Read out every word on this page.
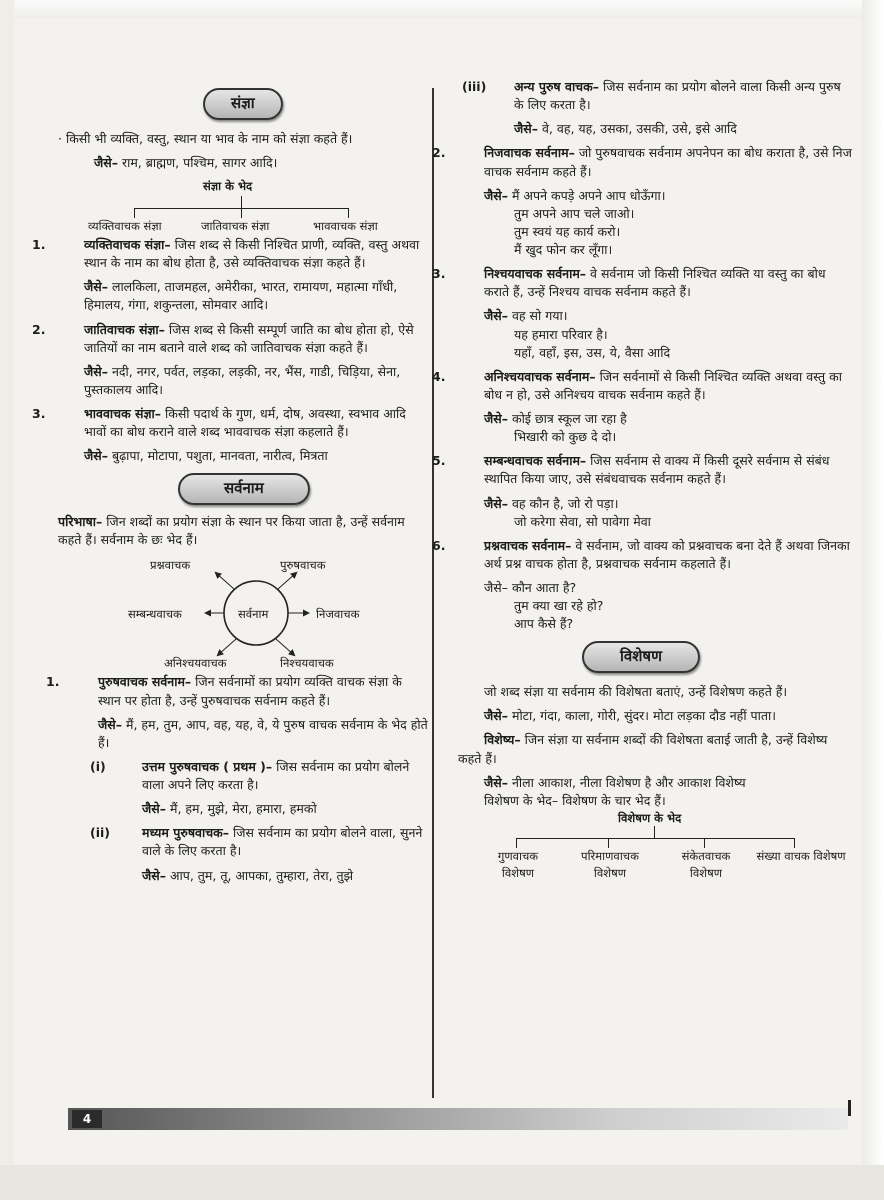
संज्ञा

· किसी भी व्यक्ति, वस्तु, स्थान या भाव के नाम को संज्ञा कहते हैं।

जैसे– राम, ब्राह्मण, पश्चिम, सागर आदि।

संज्ञा के भेद
व्यक्तिवाचक संज्ञा	जातिवाचक संज्ञा	भाववाचक संज्ञा

1.	व्यक्तिवाचक संज्ञा– जिस शब्द से किसी निश्चित प्राणी, व्यक्ति, वस्तु अथवा स्थान के नाम का बोध होता है, उसे व्यक्तिवाचक संज्ञा कहते हैं।

जैसे– लालकिला, ताजमहल, अमेरीका, भारत, रामायण, महात्मा गाँधी, हिमालय, गंगा, शकुन्तला, सोमवार आदि।

2.	जातिवाचक संज्ञा– जिस शब्द से किसी सम्पूर्ण जाति का बोध होता हो, ऐसे जातियों का नाम बताने वाले शब्द को जातिवाचक संज्ञा कहते हैं।

जैसे– नदी, नगर, पर्वत, लड़का, लड़की, नर, भैंस, गाडी, चिड़िया, सेना, पुस्तकालय आदि।

3.	भाववाचक संज्ञा– किसी पदार्थ के गुण, धर्म, दोष, अवस्था, स्वभाव आदि भावों का बोध कराने वाले शब्द भाववाचक संज्ञा कहलाते हैं।

जैसे– बुढ़ापा, मोटापा, पशुता, मानवता, नारीत्व, मित्रता

सर्वनाम

परिभाषा– जिन शब्दों का प्रयोग संज्ञा के स्थान पर किया जाता है, उन्हें सर्वनाम कहते हैं। सर्वनाम के छः भेद हैं।

सर्वनाम
प्रश्नवाचक	पुरुषवाचक
सम्बन्धवाचक	निजवाचक
अनिश्चयवाचक	निश्चयवाचक

1.	पुरुषवाचक सर्वनाम– जिन सर्वनामों का प्रयोग व्यक्ति वाचक संज्ञा के स्थान पर होता है, उन्हें पुरुषवाचक सर्वनाम कहते हैं।

जैसे– मैं, हम, तुम, आप, वह, यह, वे, ये पुरुष वाचक सर्वनाम के भेद होते हैं।

(i)	उत्तम पुरुषवाचक ( प्रथम )– जिस सर्वनाम का प्रयोग बोलने वाला अपने लिए करता है।

जैसे– मैं, हम, मुझे, मेरा, हमारा, हमको

(ii)	मध्यम पुरुषवाचक– जिस सर्वनाम का प्रयोग बोलने वाला, सुनने वाले के लिए करता है।

जैसे– आप, तुम, तू, आपका, तुम्हारा, तेरा, तुझे

(iii) अन्य पुरुष वाचक– जिस सर्वनाम का प्रयोग बोलने वाला किसी अन्य पुरुष के लिए करता है।

जैसे– वे, वह, यह, उसका, उसकी, उसे, इसे आदि

2.	निजवाचक सर्वनाम– जो पुरुषवाचक सर्वनाम अपनेपन का बोध कराता है, उसे निज वाचक सर्वनाम कहते हैं।

जैसे– मैं अपने कपड़े अपने आप धोऊँगा।

तुम अपने आप चले जाओ।

तुम स्वयं यह कार्य करो।

मैं खुद फोन कर लूँगा।

3.	निश्चयवाचक सर्वनाम– वे सर्वनाम जो किसी निश्चित व्यक्ति या वस्तु का बोध कराते हैं, उन्हें निश्चय वाचक सर्वनाम कहते हैं।

जैसे– वह सो गया।

यह हमारा परिवार है।

यहाँ, वहाँ, इस, उस, ये, वैसा आदि

4.	अनिश्चयवाचक सर्वनाम– जिन सर्वनामों से किसी निश्चित व्यक्ति अथवा वस्तु का बोध न हो, उसे अनिश्चय वाचक सर्वनाम कहते हैं।

जैसे– कोई छात्र स्कूल जा रहा है

भिखारी को कुछ दे दो।

5.	सम्बन्धवाचक सर्वनाम– जिस सर्वनाम से वाक्य में किसी दूसरे सर्वनाम से संबंध स्थापित किया जाए, उसे संबंधवाचक सर्वनाम कहते हैं।

जैसे– वह कौन है, जो रो पड़ा।

जो करेगा सेवा, सो पावेगा मेवा

6.	प्रश्नवाचक सर्वनाम– वे सर्वनाम, जो वाक्य को प्रश्नवाचक बना देते हैं अथवा जिनका अर्थ प्रश्न वाचक होता है, प्रश्नवाचक सर्वनाम कहलाते हैं।

जैसे– कौन आता है?

तुम क्या खा रहे हो?

आप कैसे हैं?

विशेषण

जो शब्द संज्ञा या सर्वनाम की विशेषता बताएं, उन्हें विशेषण कहते हैं।

जैसे– मोटा, गंदा, काला, गोरी, सुंदर। मोटा लड़का दौड नहीं पाता।

विशेष्य– जिन संज्ञा या सर्वनाम शब्दों की विशेषता बताई जाती है, उन्हें विशेष्य कहते हैं।

जैसे– नीला आकाश, नीला विशेषण है और आकाश विशेष्य

विशेषण के भेद– विशेषण के चार भेद हैं।

विशेषण के भेद
गुणवाचक विशेषण
परिमाणवाचक विशेषण
संकेतवाचक विशेषण
संख्या वाचक विशेषण
4
